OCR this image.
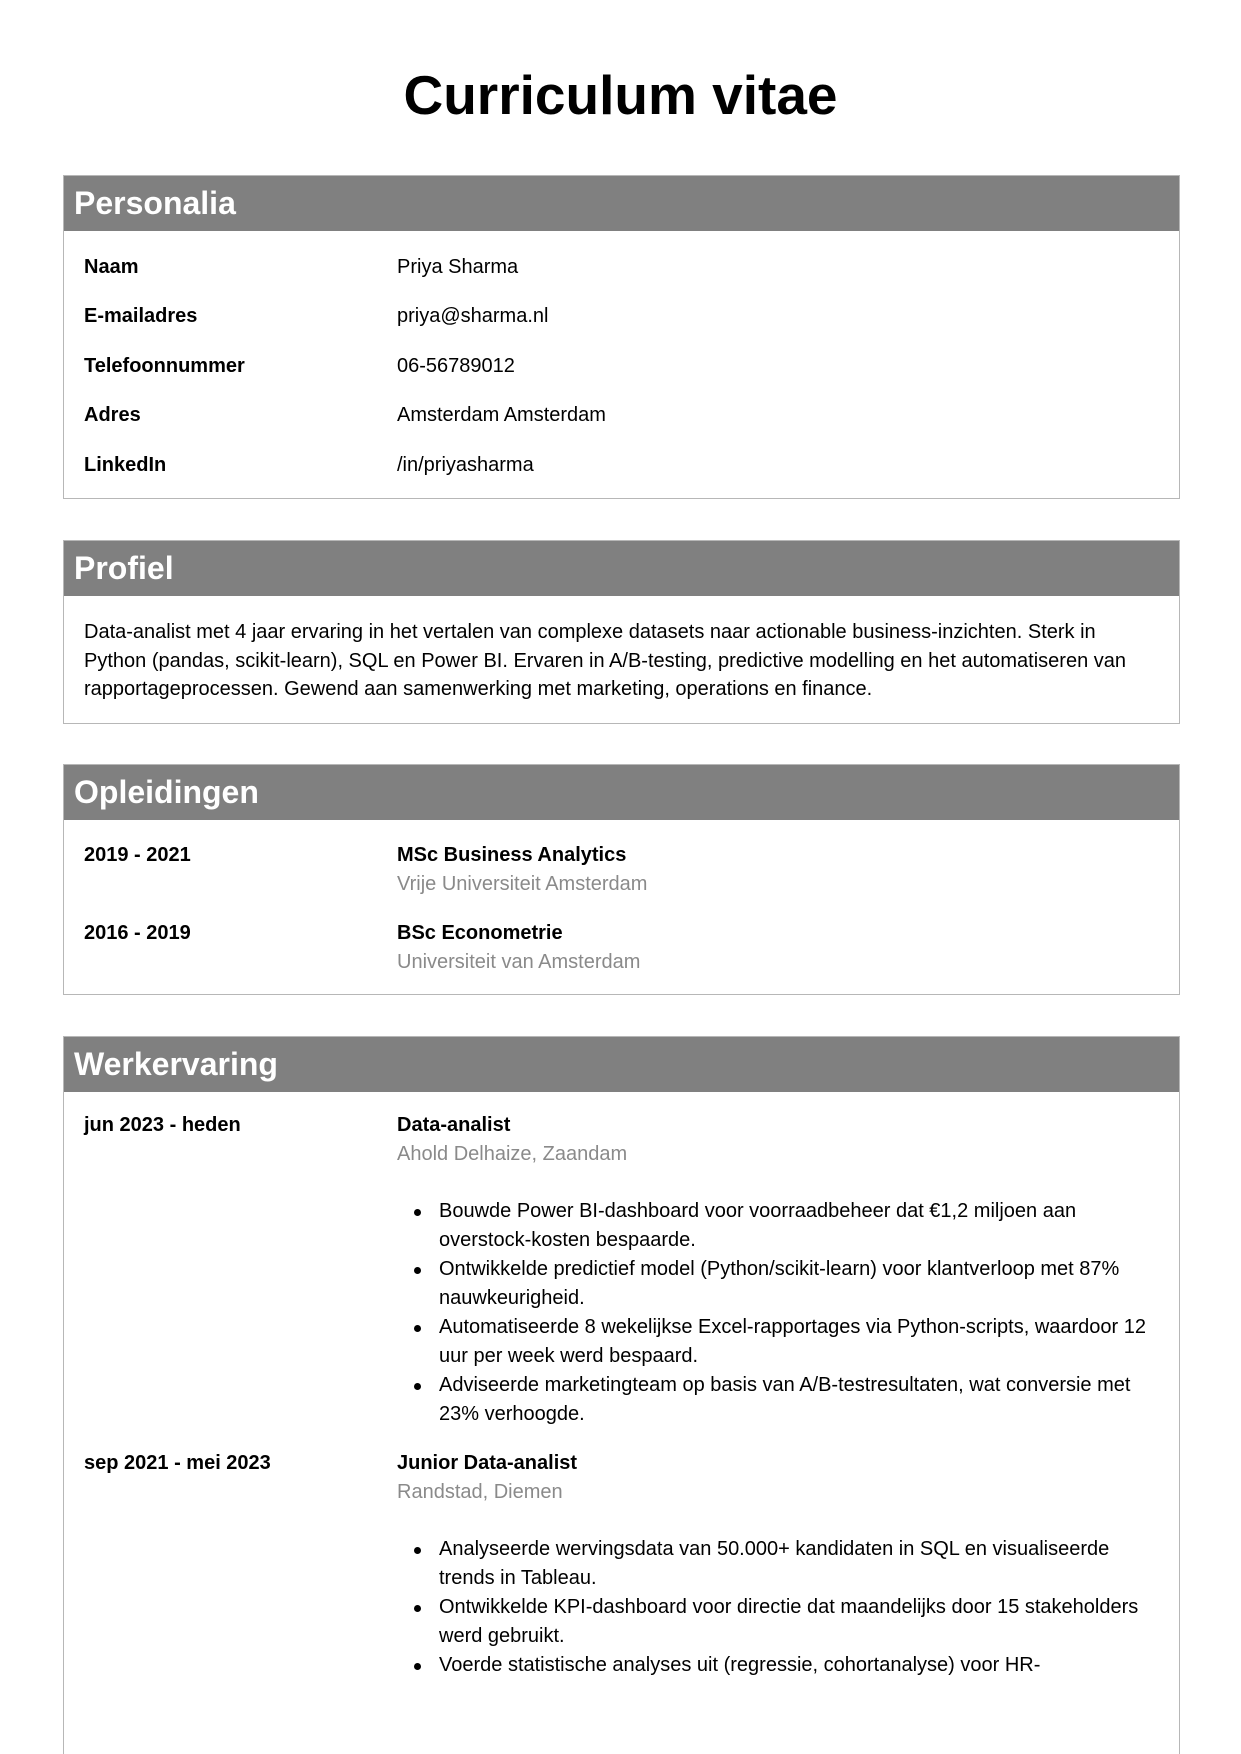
Curriculum vitae
Personalia
Naam	Priya Sharma
E-mailadres	priya@sharma.nl
Telefoonnummer	06-56789012
Adres	Amsterdam Amsterdam
LinkedIn	/in/priyasharma
Profiel
Data-analist met 4 jaar ervaring in het vertalen van complexe datasets naar actionable business-inzichten. Sterk in Python (pandas, scikit-learn), SQL en Power BI. Ervaren in A/B-testing, predictive modelling en het automatiseren van rapportageprocessen. Gewend aan samenwerking met marketing, operations en finance.
Opleidingen
2019 - 2021	MSc Business Analytics
Vrije Universiteit Amsterdam
2016 - 2019	BSc Econometrie
Universiteit van Amsterdam
Werkervaring
jun 2023 - heden	Data-analist
Ahold Delhaize, Zaandam
Bouwde Power BI-dashboard voor voorraadbeheer dat €1,2 miljoen aan overstock-kosten bespaarde.
Ontwikkelde predictief model (Python/scikit-learn) voor klantverloop met 87% nauwkeurigheid.
Automatiseerde 8 wekelijkse Excel-rapportages via Python-scripts, waardoor 12 uur per week werd bespaard.
Adviseerde marketingteam op basis van A/B-testresultaten, wat conversie met 23% verhoogde.
sep 2021 - mei 2023	Junior Data-analist
Randstad, Diemen
Analyseerde wervingsdata van 50.000+ kandidaten in SQL en visualiseerde trends in Tableau.
Ontwikkelde KPI-dashboard voor directie dat maandelijks door 15 stakeholders werd gebruikt.
Voerde statistische analyses uit (regressie, cohortanalyse) voor HR-
